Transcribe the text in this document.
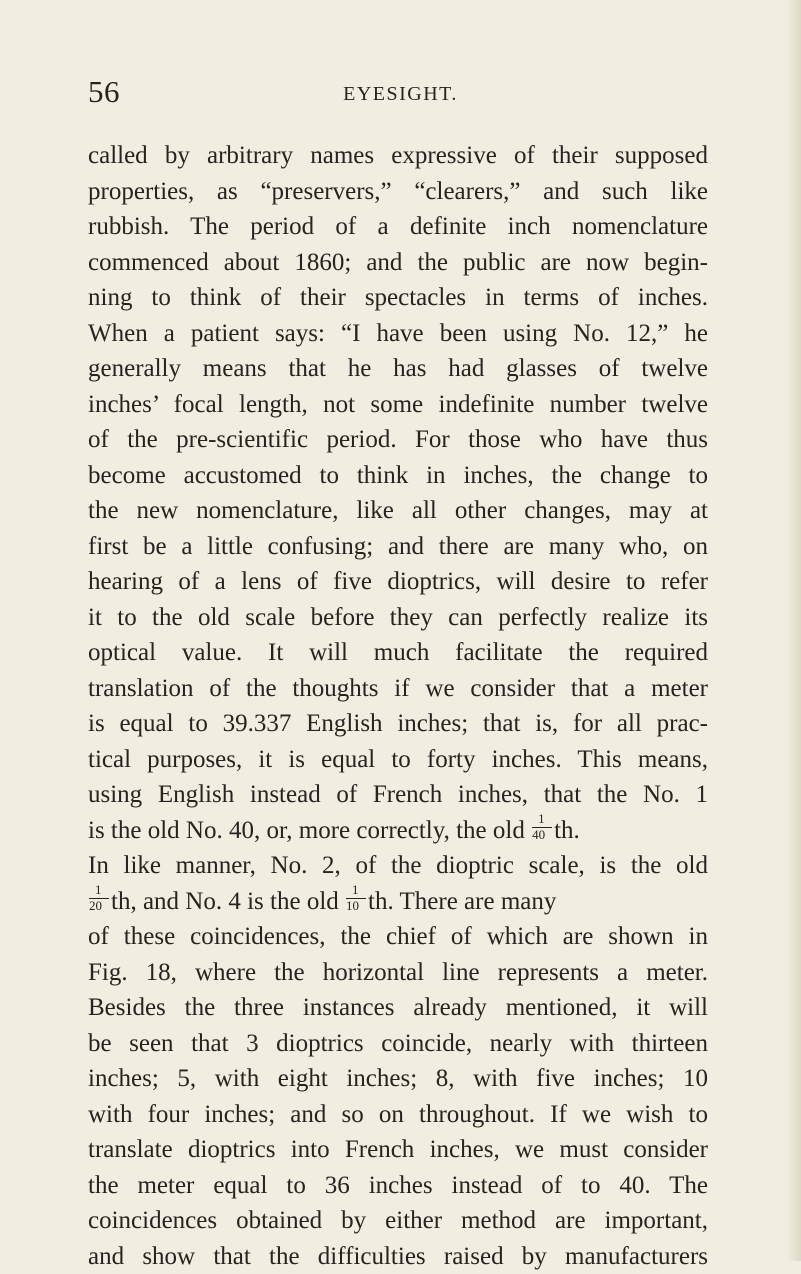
56	EYESIGHT.
called by arbitrary names expressive of their supposed
properties, as “preservers,” “clearers,” and such like
rubbish. The period of a definite inch nomenclature
commenced about 1860; and the public are now begin-
ning to think of their spectacles in terms of inches.
When a patient says: “I have been using No. 12,” he
generally means that he has had glasses of twelve
inches’ focal length, not some indefinite number twelve
of the pre-scientific period. For those who have thus
become accustomed to think in inches, the change to
the new nomenclature, like all other changes, may at
first be a little confusing; and there are many who, on
hearing of a lens of five dioptrics, will desire to refer
it to the old scale before they can perfectly realize its
optical value. It will much facilitate the required
translation of the thoughts if we consider that a meter
is equal to 39.337 English inches; that is, for all prac-
tical purposes, it is equal to forty inches. This means,
using English instead of French inches, that the No. 1
is the old No. 40, or, more correctly, the old $\frac{1}{40}$ th.
In like manner, No. 2, of the dioptric scale, is the old
$\frac{1}{20}$ th, and No. 4 is the old $\frac{1}{10}$ th. There are many
of these coincidences, the chief of which are shown in
Fig. 18, where the horizontal line represents a meter.
Besides the three instances already mentioned, it will
be seen that 3 dioptrics coincide, nearly with thirteen
inches; 5, with eight inches; 8, with five inches; 10
with four inches; and so on throughout. If we wish to
translate dioptrics into French inches, we must consider
the meter equal to 36 inches instead of to 40. The
coincidences obtained by either method are important,
and show that the difficulties raised by manufacturers
